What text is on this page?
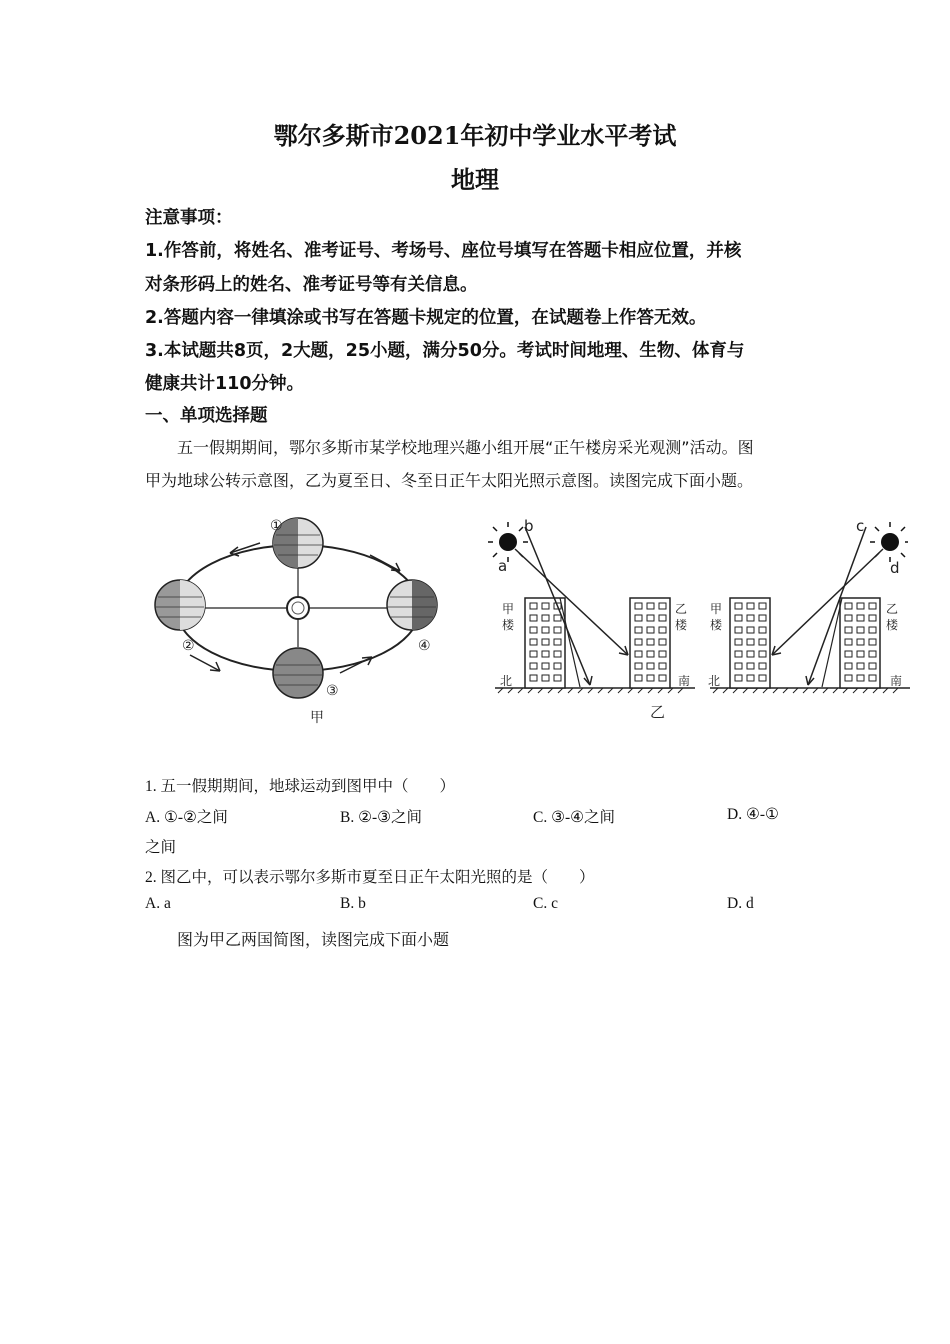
鄂尔多斯市2021年初中学业水平考试
地理
注意事项：
1.作答前，将姓名、准考证号、考场号、座位号填写在答题卡相应位置，并核
对条形码上的姓名、准考证号等有关信息。
2.答题内容一律填涂或书写在答题卡规定的位置，在试题卷上作答无效。
3.本试题共8页，2大题，25小题，满分50分。考试时间地理、生物、体育与
健康共计110分钟。
一、单项选择题
五一假期期间，鄂尔多斯市某学校地理兴趣小组开展“正午楼房采光观测”活动。图
甲为地球公转示意图，乙为夏至日、冬至日正午太阳光照示意图。读图完成下面小题。
①
②
③
④
甲
a
b
甲
楼
乙
楼
北	南
c
d
甲
楼
乙
楼
北	南
乙
1. 五一假期期间，地球运动到图甲中（　　）
A. ①-②之间	B. ②-③之间	C. ③-④之间	D. ④-①
之间
2. 图乙中，可以表示鄂尔多斯市夏至日正午太阳光照的是（　　）
A. a	B. b	C. c	D. d
图为甲乙两国简图，读图完成下面小题
